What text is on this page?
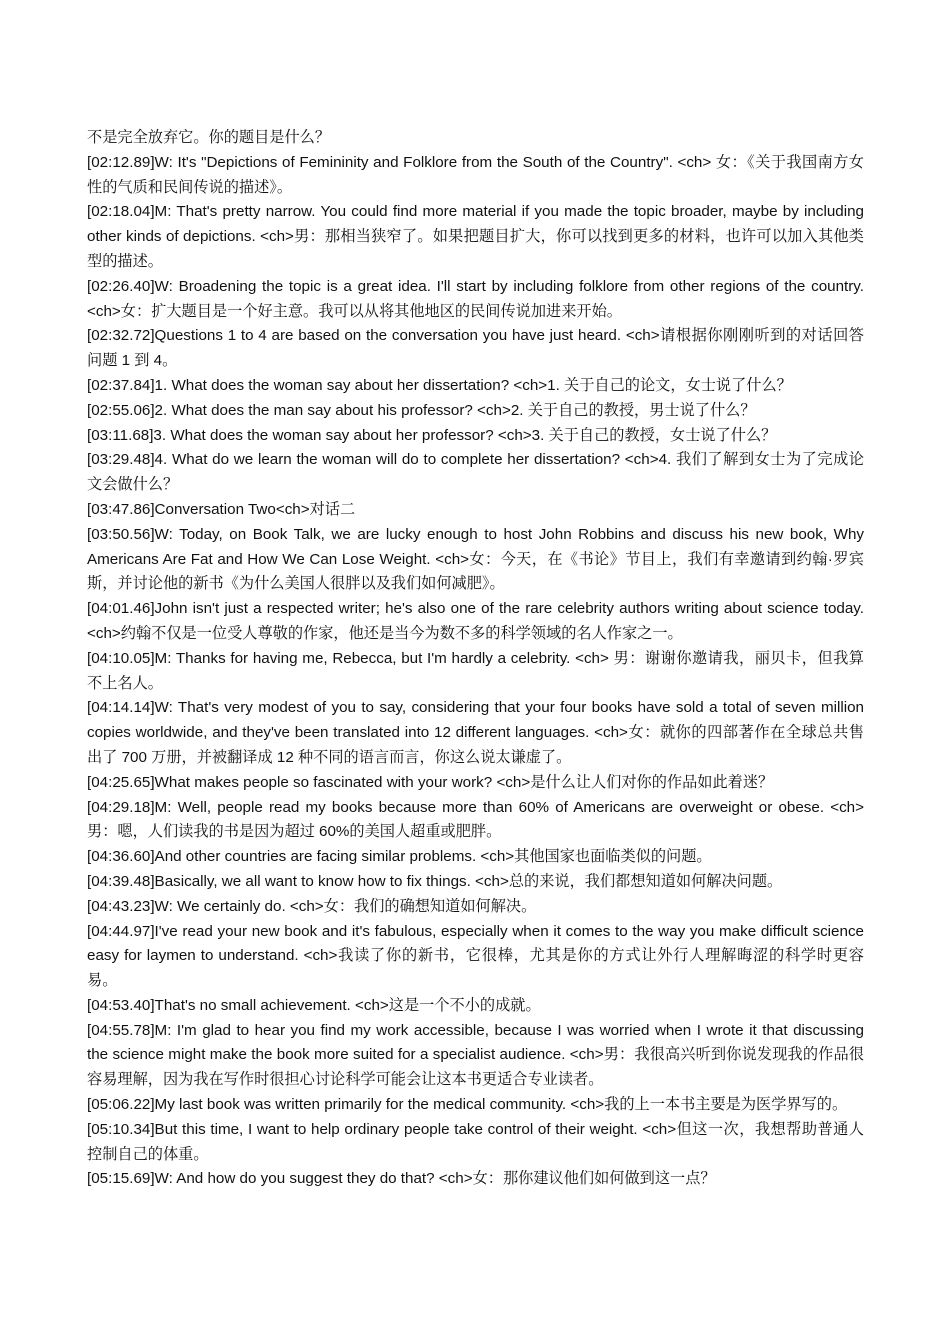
不是完全放弃它。你的题目是什么？

[02:12.89]W: It's "Depictions of Femininity and Folklore from the South of the Country". <ch> 女：《关于我国南方女性的气质和民间传说的描述》。

[02:18.04]M: That's pretty narrow. You could find more material if you made the topic broader, maybe by including other kinds of depictions. <ch>男：那相当狭窄了。如果把题目扩大，你可以找到更多的材料，也许可以加入其他类型的描述。

[02:26.40]W: Broadening the topic is a great idea. I'll start by including folklore from other regions of the country. <ch>女：扩大题目是一个好主意。我可以从将其他地区的民间传说加进来开始。

[02:32.72]Questions 1 to 4 are based on the conversation you have just heard. <ch>请根据你刚刚听到的对话回答问题 1 到 4。

[02:37.84]1. What does the woman say about her dissertation? <ch>1. 关于自己的论文，女士说了什么？

[02:55.06]2. What does the man say about his professor? <ch>2. 关于自己的教授，男士说了什么？

[03:11.68]3. What does the woman say about her professor? <ch>3. 关于自己的教授，女士说了什么？

[03:29.48]4. What do we learn the woman will do to complete her dissertation? <ch>4. 我们了解到女士为了完成论文会做什么？

[03:47.86]Conversation Two<ch>对话二

[03:50.56]W: Today, on Book Talk, we are lucky enough to host John Robbins and discuss his new book, Why Americans Are Fat and How We Can Lose Weight. <ch>女：今天，在《书论》节目上，我们有幸邀请到约翰·罗宾斯，并讨论他的新书《为什么美国人很胖以及我们如何减肥》。

[04:01.46]John isn't just a respected writer; he's also one of the rare celebrity authors writing about science today. <ch>约翰不仅是一位受人尊敬的作家，他还是当今为数不多的科学领域的名人作家之一。

[04:10.05]M: Thanks for having me, Rebecca, but I'm hardly a celebrity. <ch> 男：谢谢你邀请我，丽贝卡，但我算不上名人。

[04:14.14]W: That's very modest of you to say, considering that your four books have sold a total of seven million copies worldwide, and they've been translated into 12 different languages. <ch>女：就你的四部著作在全球总共售出了 700 万册，并被翻译成 12 种不同的语言而言，你这么说太谦虚了。

[04:25.65]What makes people so fascinated with your work? <ch>是什么让人们对你的作品如此着迷？

[04:29.18]M: Well, people read my books because more than 60% of Americans are overweight or obese. <ch> 男：嗯，人们读我的书是因为超过 60%的美国人超重或肥胖。

[04:36.60]And other countries are facing similar problems. <ch>其他国家也面临类似的问题。

[04:39.48]Basically, we all want to know how to fix things. <ch>总的来说，我们都想知道如何解决问题。

[04:43.23]W: We certainly do. <ch>女：我们的确想知道如何解决。

[04:44.97]I've read your new book and it's fabulous, especially when it comes to the way you make difficult science easy for laymen to understand. <ch>我读了你的新书，它很棒，尤其是你的方式让外行人理解晦涩的科学时更容易。

[04:53.40]That's no small achievement. <ch>这是一个不小的成就。

[04:55.78]M: I'm glad to hear you find my work accessible, because I was worried when I wrote it that discussing the science might make the book more suited for a specialist audience. <ch>男：我很高兴听到你说发现我的作品很容易理解，因为我在写作时很担心讨论科学可能会让这本书更适合专业读者。

[05:06.22]My last book was written primarily for the medical community. <ch>我的上一本书主要是为医学界写的。

[05:10.34]But this time, I want to help ordinary people take control of their weight. <ch>但这一次，我想帮助普通人控制自己的体重。

[05:15.69]W: And how do you suggest they do that? <ch>女：那你建议他们如何做到这一点？
